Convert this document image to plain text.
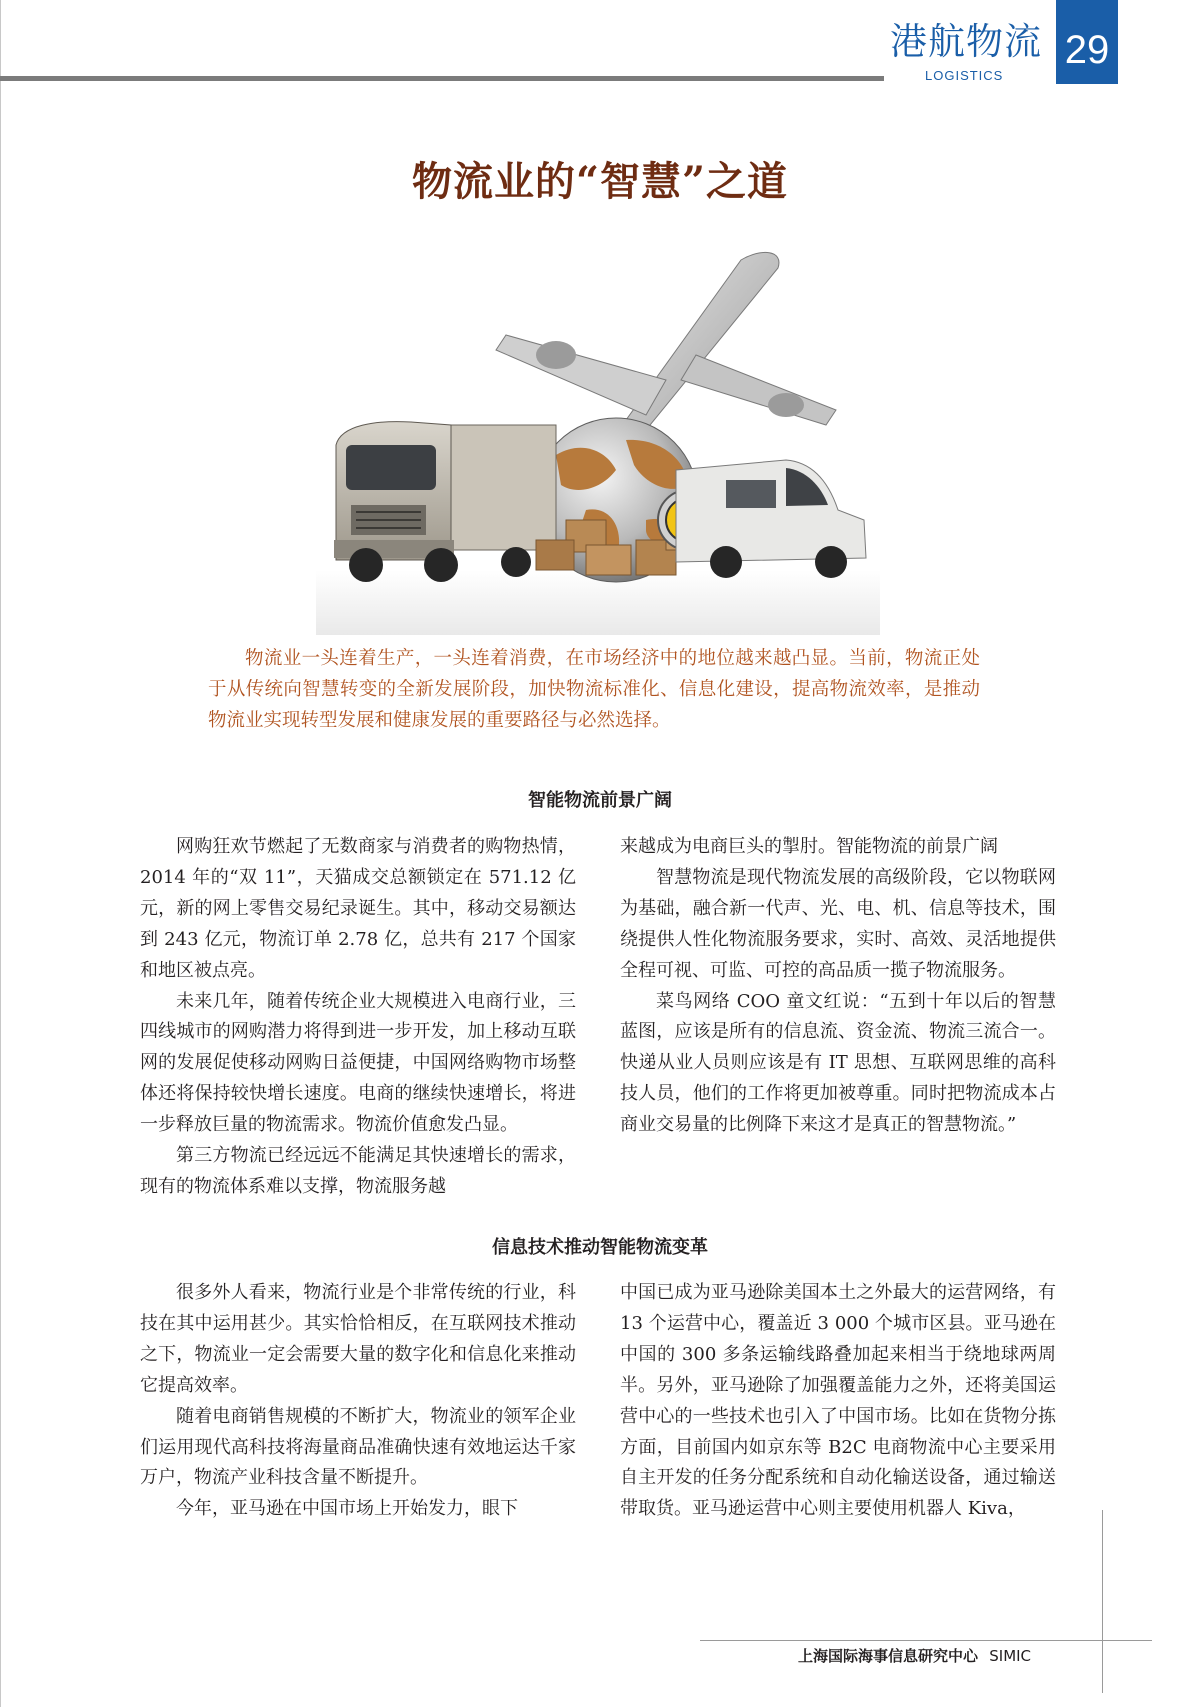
港航物流
LOGISTICS
29
物流业的“智慧”之道

物流业一头连着生产，一头连着消费，在市场经济中的地位越来越凸显。当前，物流正处于从传统向智慧转变的全新发展阶段，加快物流标准化、信息化建设，提高物流效率，是推动物流业实现转型发展和健康发展的重要路径与必然选择。

智能物流前景广阔

网购狂欢节燃起了无数商家与消费者的购物热情，2014 年的“双 11”，天猫成交总额锁定在 571.12 亿元，新的网上零售交易纪录诞生。其中，移动交易额达到 243 亿元，物流订单 2.78 亿，总共有 217 个国家和地区被点亮。

未来几年，随着传统企业大规模进入电商行业，三四线城市的网购潜力将得到进一步开发，加上移动互联网的发展促使移动网购日益便捷，中国网络购物市场整体还将保持较快增长速度。电商的继续快速增长，将进一步释放巨量的物流需求。物流价值愈发凸显。

第三方物流已经远远不能满足其快速增长的需求，现有的物流体系难以支撑，物流服务越

来越成为电商巨头的掣肘。智能物流的前景广阔

智慧物流是现代物流发展的高级阶段，它以物联网为基础，融合新一代声、光、电、机、信息等技术，围绕提供人性化物流服务要求，实时、高效、灵活地提供全程可视、可监、可控的高品质一揽子物流服务。

菜鸟网络 COO 童文红说：“五到十年以后的智慧蓝图，应该是所有的信息流、资金流、物流三流合一。快递从业人员则应该是有 IT 思想、互联网思维的高科技人员，他们的工作将更加被尊重。同时把物流成本占商业交易量的比例降下来这才是真正的智慧物流。”

信息技术推动智能物流变革

很多外人看来，物流行业是个非常传统的行业，科技在其中运用甚少。其实恰恰相反，在互联网技术推动之下，物流业一定会需要大量的数字化和信息化来推动它提高效率。

随着电商销售规模的不断扩大，物流业的领军企业们运用现代高科技将海量商品准确快速有效地运达千家万户，物流产业科技含量不断提升。

今年，亚马逊在中国市场上开始发力，眼下

中国已成为亚马逊除美国本土之外最大的运营网络，有 13 个运营中心，覆盖近 3 000 个城市区县。亚马逊在中国的 300 多条运输线路叠加起来相当于绕地球两周半。另外，亚马逊除了加强覆盖能力之外，还将美国运营中心的一些技术也引入了中国市场。比如在货物分拣方面，目前国内如京东等 B2C 电商物流中心主要采用自主开发的任务分配系统和自动化输送设备，通过输送带取货。亚马逊运营中心则主要使用机器人 Kiva，

上海国际海事信息研究中心 SIMIC
